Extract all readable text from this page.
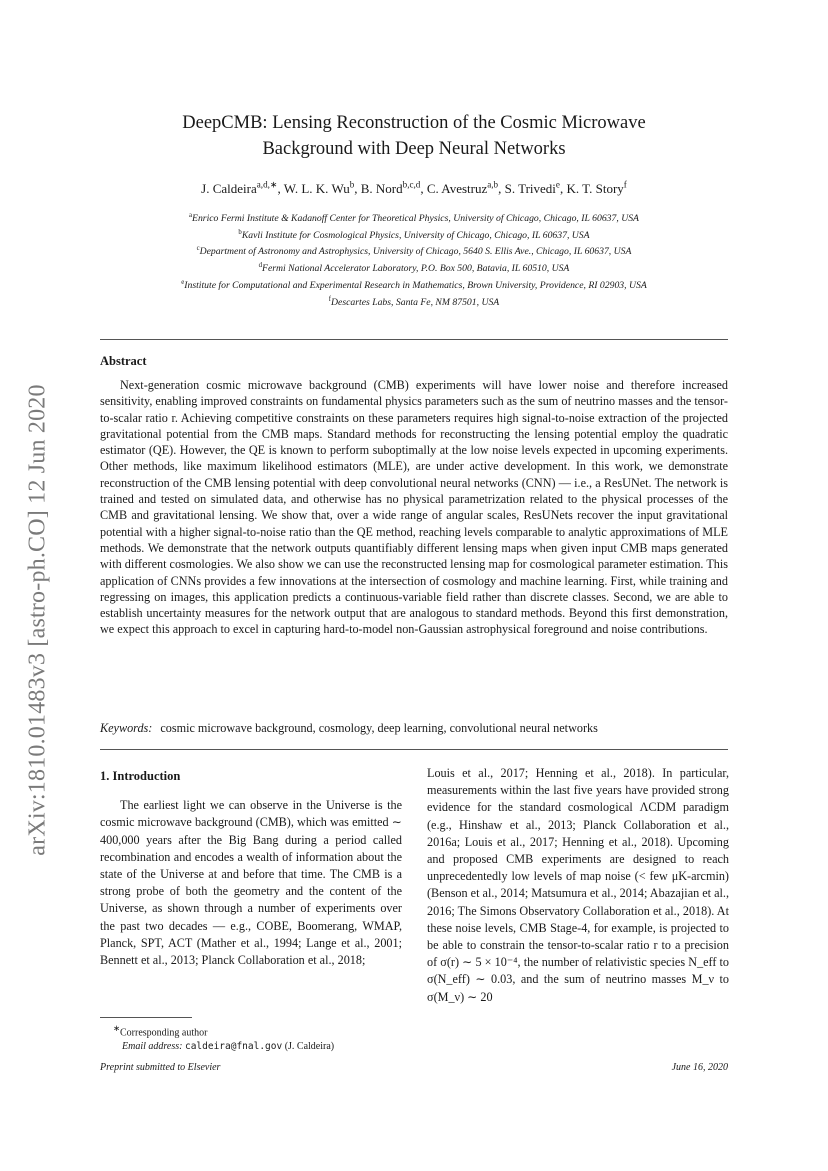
arXiv:1810.01483v3 [astro-ph.CO] 12 Jun 2020
DeepCMB: Lensing Reconstruction of the Cosmic Microwave
Background with Deep Neural Networks
J. Caldeira$^{a,d,∗}$, W. L. K. Wu$^b$, B. Nord$^{b,c,d}$, C. Avestruz$^{a,b}$, S. Trivedi$^e$, K. T. Story$^f$
$^a$Enrico Fermi Institute & Kadanoff Center for Theoretical Physics, University of Chicago, Chicago, IL 60637, USA
$^b$Kavli Institute for Cosmological Physics, University of Chicago, Chicago, IL 60637, USA
$^c$Department of Astronomy and Astrophysics, University of Chicago, 5640 S. Ellis Ave., Chicago, IL 60637, USA
$^d$Fermi National Accelerator Laboratory, P.O. Box 500, Batavia, IL 60510, USA
$^e$Institute for Computational and Experimental Research in Mathematics, Brown University, Providence, RI 02903, USA
$^f$Descartes Labs, Santa Fe, NM 87501, USA
Abstract
Next-generation cosmic microwave background (CMB) experiments will have lower noise and therefore increased sensitivity, enabling improved constraints on fundamental physics parameters such as the sum of neutrino masses and the tensor-to-scalar ratio r. Achieving competitive constraints on these parameters requires high signal-to-noise extraction of the projected gravitational potential from the CMB maps. Standard methods for reconstructing the lensing potential employ the quadratic estimator (QE). However, the QE is known to perform suboptimally at the low noise levels expected in upcoming experiments. Other methods, like maximum likelihood estimators (MLE), are under active development. In this work, we demonstrate reconstruction of the CMB lensing potential with deep convolutional neural networks (CNN) — i.e., a ResUNet. The network is trained and tested on simulated data, and otherwise has no physical parametrization related to the physical processes of the CMB and gravitational lensing. We show that, over a wide range of angular scales, ResUNets recover the input gravitational potential with a higher signal-to-noise ratio than the QE method, reaching levels comparable to analytic approximations of MLE methods. We demonstrate that the network outputs quantifiably different lensing maps when given input CMB maps generated with different cosmologies. We also show we can use the reconstructed lensing map for cosmological parameter estimation. This application of CNNs provides a few innovations at the intersection of cosmology and machine learning. First, while training and regressing on images, this application predicts a continuous-variable field rather than discrete classes. Second, we are able to establish uncertainty measures for the network output that are analogous to standard methods. Beyond this first demonstration, we expect this approach to excel in capturing hard-to-model non-Gaussian astrophysical foreground and noise contributions.
Keywords: cosmic microwave background, cosmology, deep learning, convolutional neural networks
1. Introduction

The earliest light we can observe in the Universe is the cosmic microwave background (CMB), which was emitted ∼ 400,000 years after the Big Bang during a period called recombination and encodes a wealth of information about the state of the Universe at and before that time. The CMB is a strong probe of both the geometry and the content of the Universe, as shown through a number of experiments over the past two decades — e.g., COBE, Boomerang, WMAP, Planck, SPT, ACT (Mather et al., 1994; Lange et al., 2001; Bennett et al., 2013; Planck Collaboration et al., 2018;

Louis et al., 2017; Henning et al., 2018). In particular, measurements within the last five years have provided strong evidence for the standard cosmological ΛCDM paradigm (e.g., Hinshaw et al., 2013; Planck Collaboration et al., 2016a; Louis et al., 2017; Henning et al., 2018). Upcoming and proposed CMB experiments are designed to reach unprecedentedly low levels of map noise (< few μK-arcmin) (Benson et al., 2014; Matsumura et al., 2014; Abazajian et al., 2016; The Simons Observatory Collaboration et al., 2018). At these noise levels, CMB Stage-4, for example, is projected to be able to constrain the tensor-to-scalar ratio r to a precision of σ(r) ∼ 5 × 10⁻⁴, the number of relativistic species N_eff to σ(N_eff) ∼ 0.03, and the sum of neutrino masses M_ν to σ(M_ν) ∼ 20

∗Corresponding author
Email address: caldeira@fnal.gov (J. Caldeira)
Preprint submitted to Elsevier	June 16, 2020
